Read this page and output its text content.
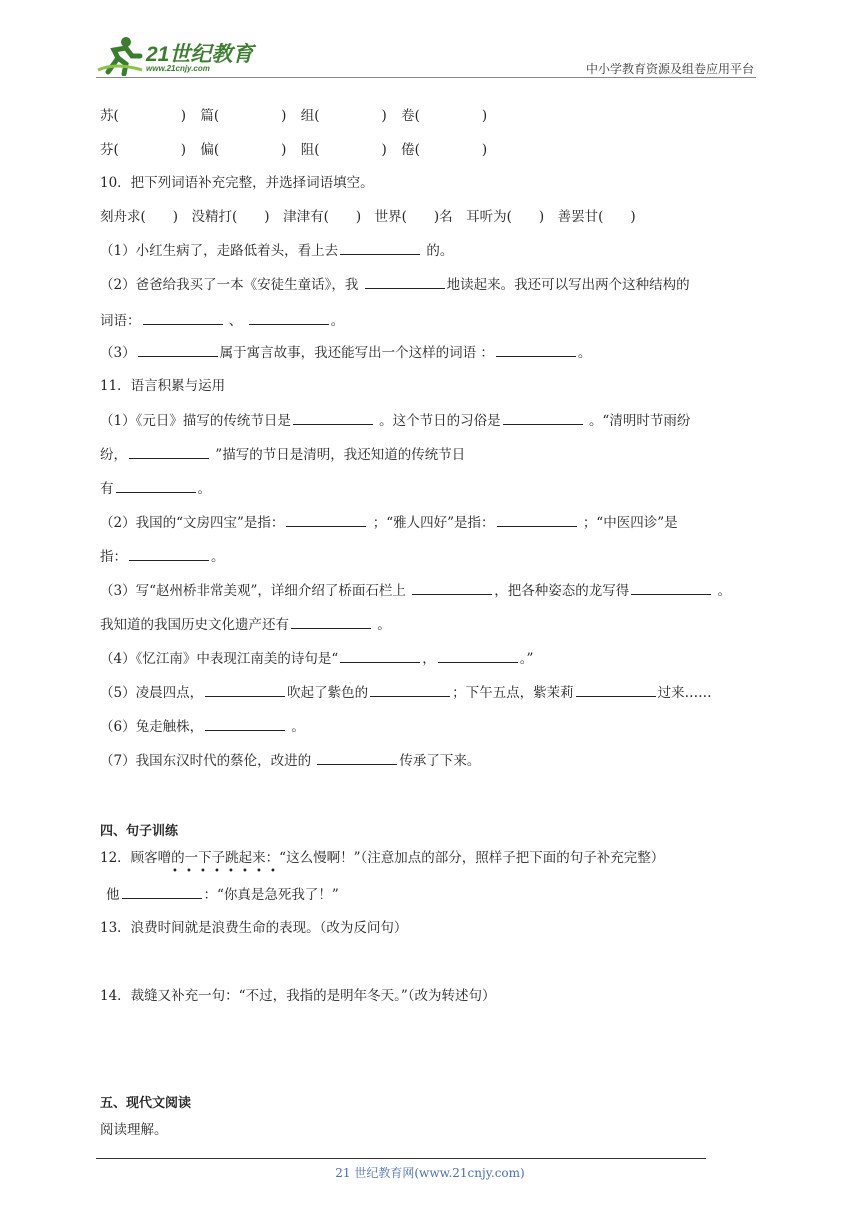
21世纪教育
www.21cnjy.com	中小学教育资源及组卷应用平台
苏(	) 篇(	) 组(	) 卷(	)
芬(	) 偏(	) 阻(	) 倦(	)
10．把下列词语补充完整，并选择词语填空。
刻舟求(　　)　没精打(　　)　津津有(　　)　世界(　　)名　耳听为(　　)　善罢甘(　　)
（1）小红生病了，走路低着头，看上去	的。
（2）爸爸给我买了一本《安徒生童话》，我	地读起来。我还可以写出两个这种结构的
词语：	、	。
（3）	属于寓言故事，我还能写出一个这样的词语 ：	。
11．语言积累与运用
（1）《元日》描写的传统节日是	。这个节日的习俗是	。“清明时节雨纷
纷，	”描写的节日是清明，我还知道的传统节日
有	。
（2）我国的“文房四宝”是指：	；“雅人四好”是指：	；“中医四诊”是
指：	。
（3）写“赵州桥非常美观”，详细介绍了桥面石栏上	，把各种姿态的龙写得	。
我知道的我国历史文化遗产还有	。
（4）《忆江南》中表现江南美的诗句是“	，	。”
（5）凌晨四点，	吹起了紫色的	；下午五点，紫茉莉	过来……
（6）兔走触株，	。
（7）我国东汉时代的蔡伦，改进的	传承了下来。
四、句子训练
12．顾客噌的一下子跳起来：“这么慢啊！”（注意加点的部分，照样子把下面的句子补充完整）
• • • • • • • •
他	：“你真是急死我了！”
13．浪费时间就是浪费生命的表现。（改为反问句）
14．裁缝又补充一句：“不过，我指的是明年冬天。”（改为转述句）
五、现代文阅读
阅读理解。
21 世纪教育网(www.21cnjy.com)
